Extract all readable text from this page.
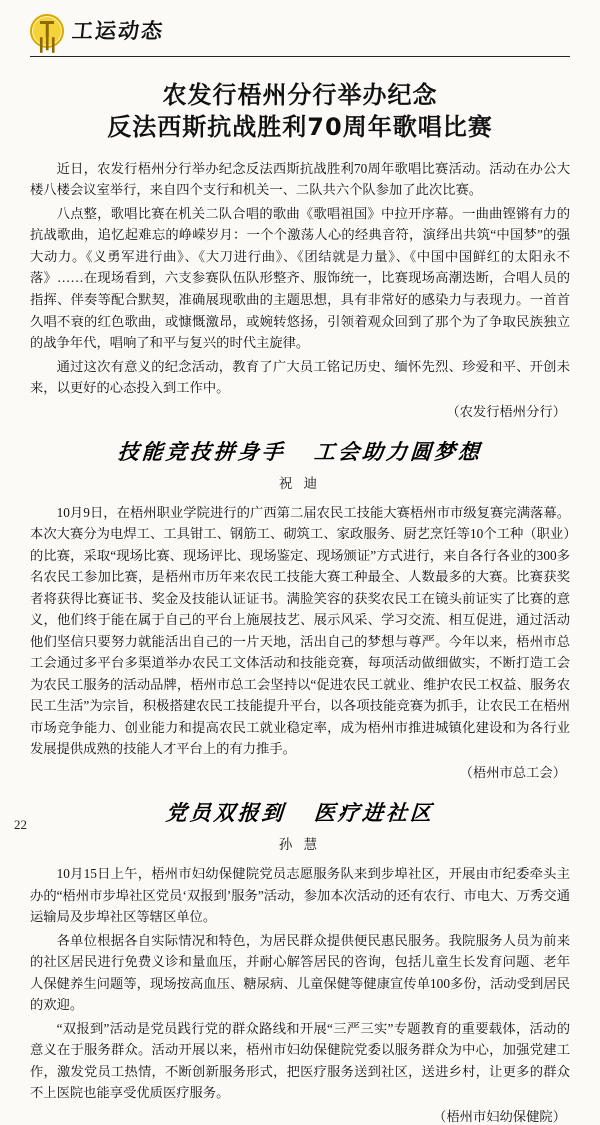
工运动态
农发行梧州分行举办纪念
反法西斯抗战胜利70周年歌唱比赛

近日，农发行梧州分行举办纪念反法西斯抗战胜利70周年歌唱比赛活动。活动在办公大楼八楼会议室举行，来自四个支行和机关一、二队共六个队参加了此次比赛。

八点整，歌唱比赛在机关二队合唱的歌曲《歌唱祖国》中拉开序幕。一曲曲铿锵有力的抗战歌曲，追忆起难忘的峥嵘岁月：一个个激荡人心的经典音符，演绎出共筑“中国梦”的强大动力。《义勇军进行曲》、《大刀进行曲》、《团结就是力量》、《中国中国鲜红的太阳永不落》……在现场看到，六支参赛队伍队形整齐、服饰统一，比赛现场高潮迭断，合唱人员的指挥、伴奏等配合默契，准确展现歌曲的主题思想，具有非常好的感染力与表现力。一首首久唱不衰的红色歌曲，或慷慨激昂，或婉转悠扬，引领着观众回到了那个为了争取民族独立的战争年代，唱响了和平与复兴的时代主旋律。

通过这次有意义的纪念活动，教育了广大员工铭记历史、缅怀先烈、珍爱和平、开创未来，以更好的心态投入到工作中。

（农发行梧州分行）
技能竞技拼身手 工会助力圆梦想
祝 迪

10月9日，在梧州职业学院进行的广西第二届农民工技能大赛梧州市市级复赛完满落幕。本次大赛分为电焊工、工具钳工、钢筋工、砌筑工、家政服务、厨艺烹饪等10个工种（职业）的比赛，采取“现场比赛、现场评比、现场鉴定、现场颁证”方式进行，来自各行各业的300多名农民工参加比赛，是梧州市历年来农民工技能大赛工种最全、人数最多的大赛。比赛获奖者将获得比赛证书、奖金及技能认证证书。满脸笑容的获奖农民工在镜头前证实了比赛的意义，他们终于能在属于自己的平台上施展技艺、展示风采、学习交流、相互促进，通过活动他们坚信只要努力就能活出自己的一片天地，活出自己的梦想与尊严。今年以来，梧州市总工会通过多平台多渠道举办农民工文体活动和技能竞赛，每项活动做细做实，不断打造工会为农民工服务的活动品牌，梧州市总工会坚持以“促进农民工就业、维护农民工权益、服务农民工生活”为宗旨，积极搭建农民工技能提升平台，以各项技能竞赛为抓手，让农民工在梧州市场竞争能力、创业能力和提高农民工就业稳定率，成为梧州市推进城镇化建设和为各行业发展提供成熟的技能人才平台上的有力推手。

（梧州市总工会）
党员双报到 医疗进社区
孙 慧

10月15日上午，梧州市妇幼保健院党员志愿服务队来到步埠社区，开展由市纪委牵头主办的“梧州市步埠社区党员‘双报到’服务”活动，参加本次活动的还有农行、市电大、万秀交通运输局及步埠社区等辖区单位。

各单位根据各自实际情况和特色，为居民群众提供便民惠民服务。我院服务人员为前来的社区居民进行免费义诊和量血压，并耐心解答居民的咨询，包括儿童生长发育问题、老年人保健养生问题等，现场按高血压、糖尿病、儿童保健等健康宣传单100多份，活动受到居民的欢迎。

“双报到”活动是党员践行党的群众路线和开展“三严三实”专题教育的重要载体，活动的意义在于服务群众。活动开展以来，梧州市妇幼保健院党委以服务群众为中心，加强党建工作，激发党员工热情，不断创新服务形式，把医疗服务送到社区，送进乡村，让更多的群众不上医院也能享受优质医疗服务。

（梧州市妇幼保健院）
22
